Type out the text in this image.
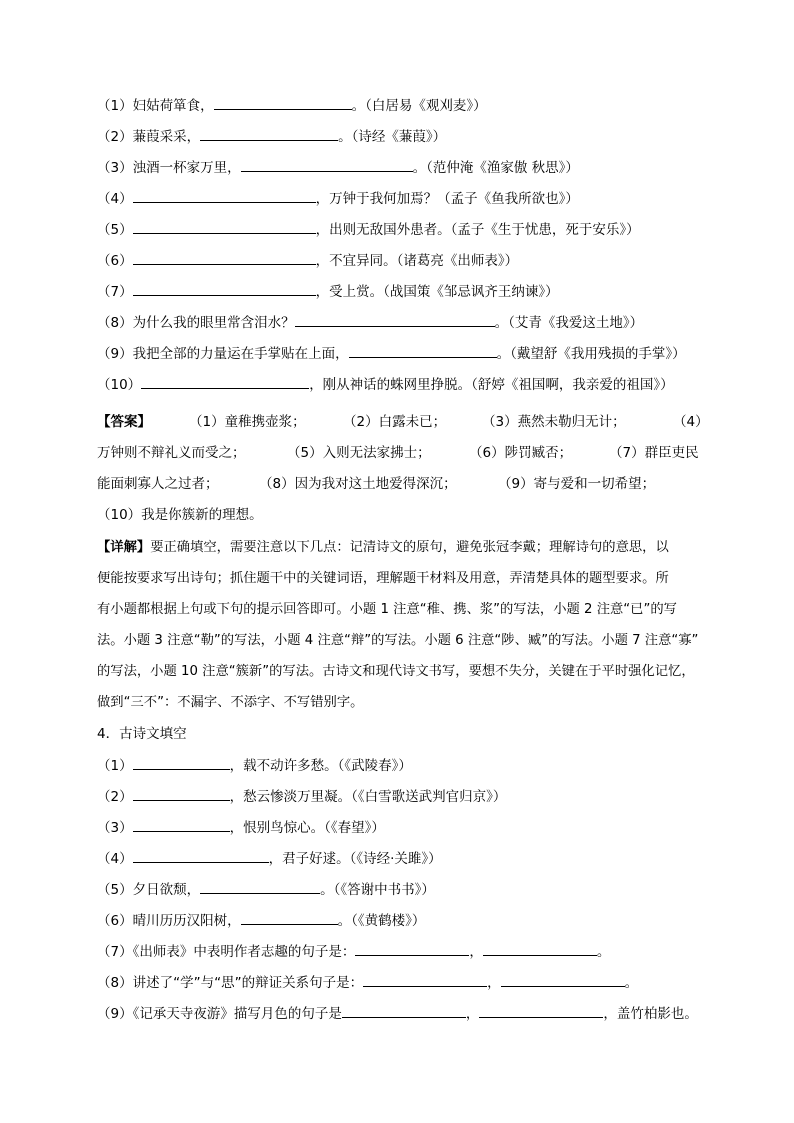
（1）妇姑荷箪食，	。（白居易《观刈麦》）
（2）蒹葭采采，	。（诗经《蒹葭》）
（3）浊酒一杯家万里，	。（范仲淹《渔家傲 秋思》）
（4）	，万钟于我何加焉？（孟子《鱼我所欲也》）
（5）	，出则无敌国外患者。（孟子《生于忧患，死于安乐》）
（6）	，不宜异同。（诸葛亮《出师表》）
（7）	，受上赏。（战国策《邹忌讽齐王纳谏》）
（8）为什么我的眼里常含泪水？	。（艾青《我爱这土地》）
（9）我把全部的力量运在手掌贴在上面，	。（戴望舒《我用残损的手掌》）
（10）	，刚从神话的蛛网里挣脱。（舒婷《祖国啊，我亲爱的祖国》）
【答案】	（1）童稚携壶浆；	（2）白露未已；	（3）燕然未勒归无计；	（4）
万钟则不辩礼义而受之；	（5）入则无法家拂士；	（6）陟罚臧否；	（7）群臣吏民
能面刺寡人之过者；	（8）因为我对这土地爱得深沉；	（9）寄与爱和一切希望；
（10）我是你簇新的理想。
【详解】要正确填空，需要注意以下几点：记清诗文的原句，避免张冠李戴；理解诗句的意思，以
便能按要求写出诗句；抓住题干中的关键词语，理解题干材料及用意，弄清楚具体的题型要求。所
有小题都根据上句或下句的提示回答即可。小题 1 注意“稚、携、浆”的写法，小题 2 注意“已”的写
法。小题 3 注意“勒”的写法，小题 4 注意“辩”的写法。小题 6 注意“陟、臧”的写法。小题 7 注意“寡”
的写法，小题 10 注意“簇新”的写法。古诗文和现代诗文书写，要想不失分，关键在于平时强化记忆，
做到“三不”：不漏字、不添字、不写错别字。
4．古诗文填空
（1）	，载不动许多愁。（《武陵春》）
（2）	，愁云惨淡万里凝。（《白雪歌送武判官归京》）
（3）	，恨别鸟惊心。（《春望》）
（4）	，君子好逑。（《诗经·关雎》）
（5）夕日欲颓，	。（《答谢中书书》）
（6）晴川历历汉阳树，	。（《黄鹤楼》）
（7）《出师表》中表明作者志趣的句子是：	，	。
（8）讲述了“学”与“思”的辩证关系句子是：	，	。
（9）《记承天寺夜游》描写月色的句子是	，	，盖竹柏影也。
